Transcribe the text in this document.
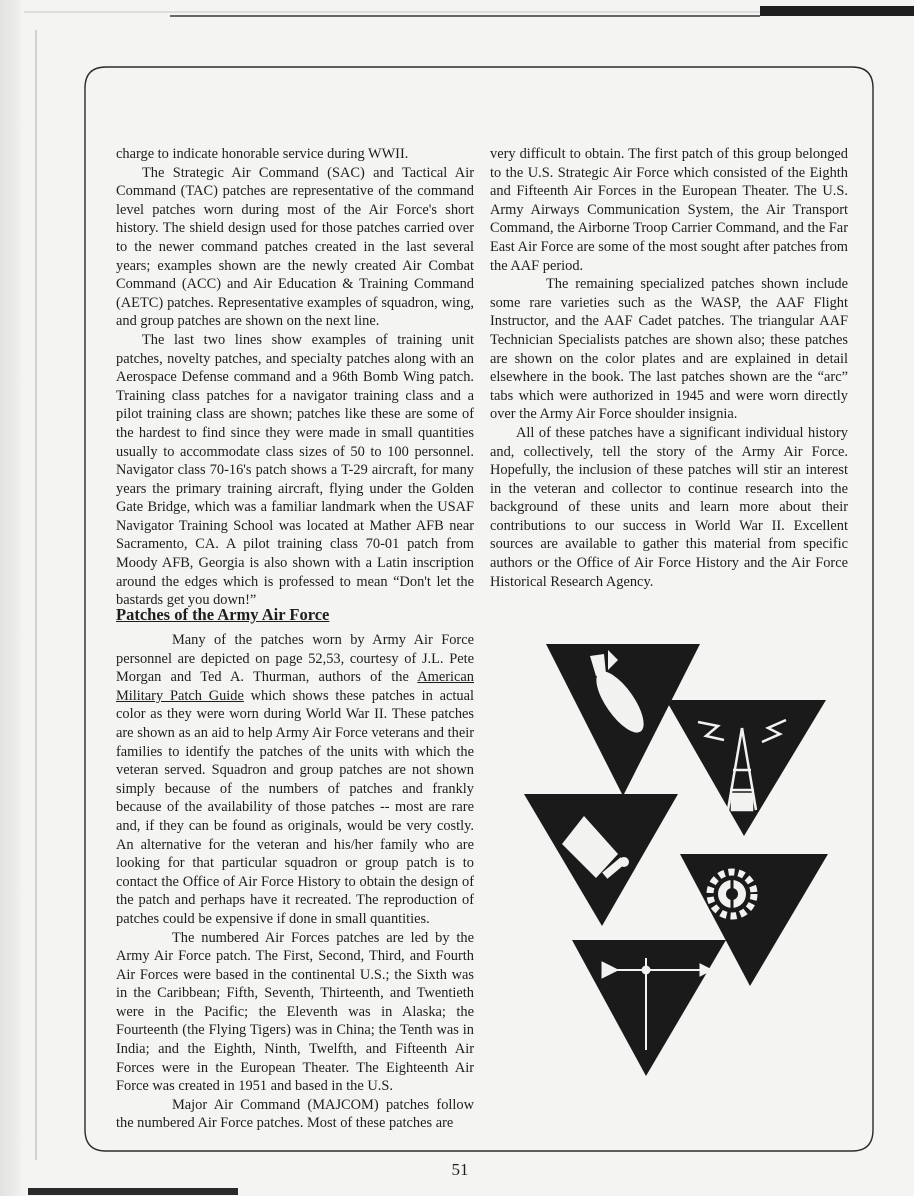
charge to indicate honorable service during WWII.

The Strategic Air Command (SAC) and Tactical Air Command (TAC) patches are representative of the command level patches worn during most of the Air Force's short history. The shield design used for those patches carried over to the newer command patches created in the last several years; examples shown are the newly created Air Combat Command (ACC) and Air Education & Training Command (AETC) patches. Representative examples of squadron, wing, and group patches are shown on the next line.

The last two lines show examples of training unit patches, novelty patches, and specialty patches along with an Aerospace Defense command and a 96th Bomb Wing patch. Training class patches for a navigator training class and a pilot training class are shown; patches like these are some of the hardest to find since they were made in small quantities usually to accommodate class sizes of 50 to 100 personnel. Navigator class 70-16's patch shows a T-29 aircraft, for many years the primary training aircraft, flying under the Golden Gate Bridge, which was a familiar landmark when the USAF Navigator Training School was located at Mather AFB near Sacramento, CA. A pilot training class 70-01 patch from Moody AFB, Georgia is also shown with a Latin inscription around the edges which is professed to mean “Don't let the bastards get you down!”

Patches of the Army Air Force

Many of the patches worn by Army Air Force personnel are depicted on page 52,53, courtesy of J.L. Pete Morgan and Ted A. Thurman, authors of the American Military Patch Guide which shows these patches in actual color as they were worn during World War II. These patches are shown as an aid to help Army Air Force veterans and their families to identify the patches of the units with which the veteran served. Squadron and group patches are not shown simply because of the numbers of patches and frankly because of the availability of those patches -- most are rare and, if they can be found as originals, would be very costly. An alternative for the veteran and his/her family who are looking for that particular squadron or group patch is to contact the Office of Air Force History to obtain the design of the patch and perhaps have it recreated. The reproduction of patches could be expensive if done in small quantities.

The numbered Air Forces patches are led by the Army Air Force patch. The First, Second, Third, and Fourth Air Forces were based in the continental U.S.; the Sixth was in the Caribbean; Fifth, Seventh, Thirteenth, and Twentieth were in the Pacific; the Eleventh was in Alaska; the Fourteenth (the Flying Tigers) was in China; the Tenth was in India; and the Eighth, Ninth, Twelfth, and Fifteenth Air Forces were in the European Theater. The Eighteenth Air Force was created in 1951 and based in the U.S.

Major Air Command (MAJCOM) patches follow the numbered Air Force patches. Most of these patches are

very difficult to obtain. The first patch of this group belonged to the U.S. Strategic Air Force which consisted of the Eighth and Fifteenth Air Forces in the European Theater. The U.S. Army Airways Communication System, the Air Transport Command, the Airborne Troop Carrier Command, and the Far East Air Force are some of the most sought after patches from the AAF period.

The remaining specialized patches shown include some rare varieties such as the WASP, the AAF Flight Instructor, and the AAF Cadet patches. The triangular AAF Technician Specialists patches are shown also; these patches are shown on the color plates and are explained in detail elsewhere in the book. The last patches shown are the “arc” tabs which were authorized in 1945 and were worn directly over the Army Air Force shoulder insignia.

All of these patches have a significant individual history and, collectively, tell the story of the Army Air Force. Hopefully, the inclusion of these patches will stir an interest in the veteran and collector to continue research into the background of these units and learn more about their contributions to our success in World War II. Excellent sources are available to gather this material from specific authors or the Office of Air Force History and the Air Force Historical Research Agency.

51
